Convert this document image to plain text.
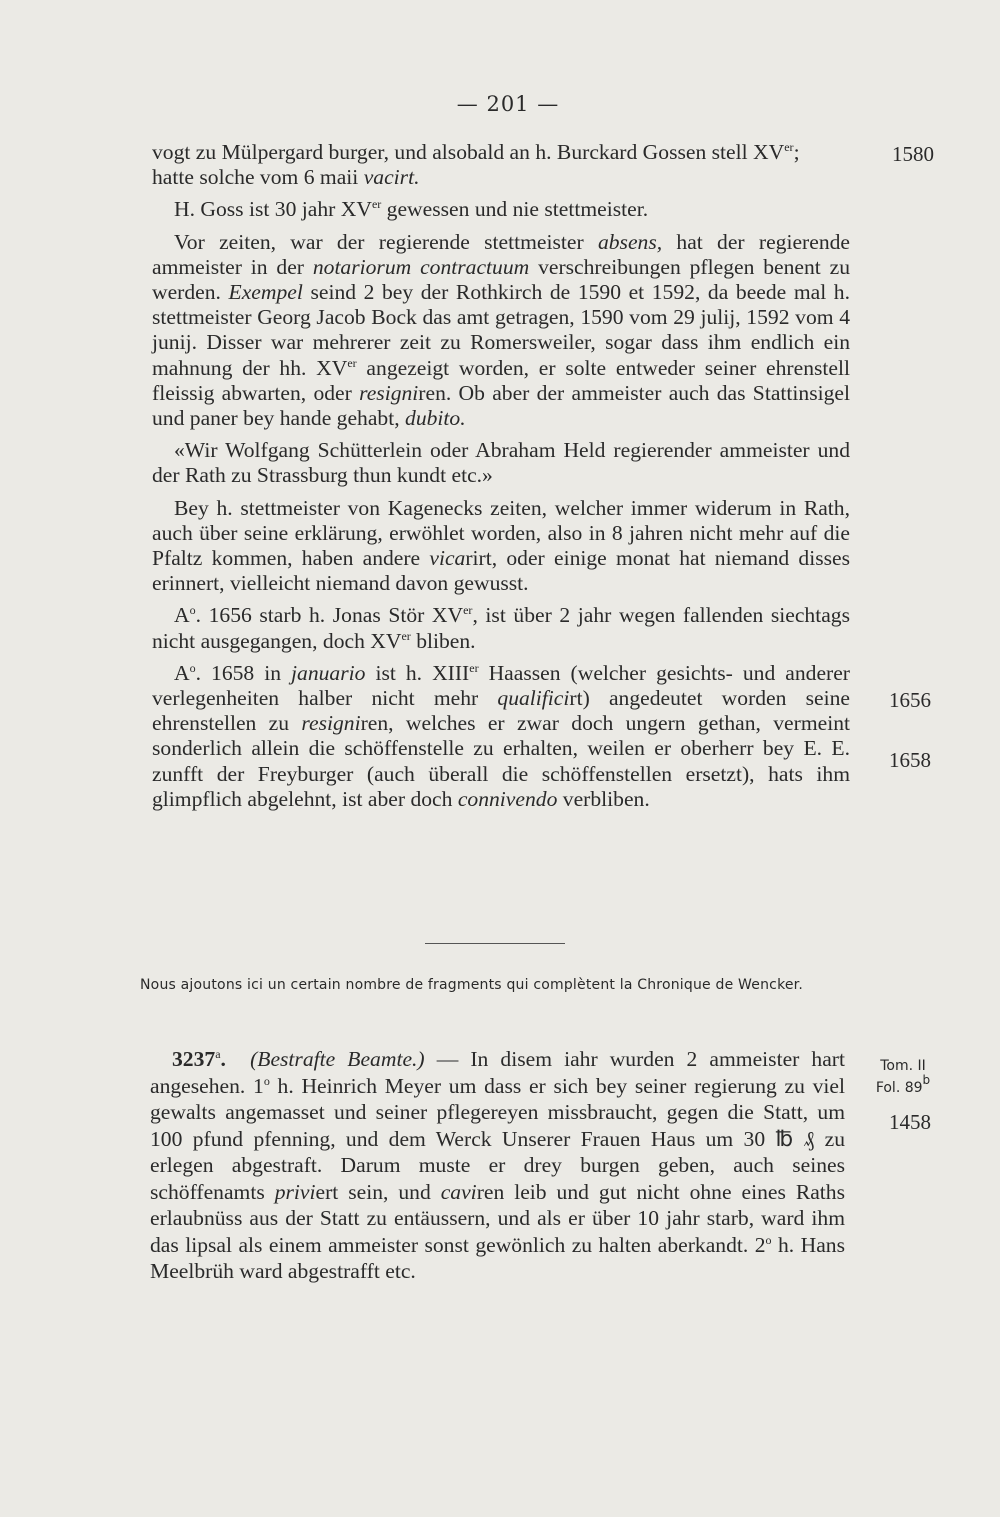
— 201 —

vogt zu Mülpergard burger, und alsobald an h. Burckard Gossen stell XVer;
hatte solche vom 6 maii vacirt.

H. Goss ist 30 jahr XVer gewessen und nie stettmeister.

Vor zeiten, war der regierende stettmeister absens, hat der regierende ammeister in der notariorum contractuum verschreibungen pflegen benent zu werden. Exempel seind 2 bey der Rothkirch de 1590 et 1592, da beede mal h. stettmeister Georg Jacob Bock das amt getragen, 1590 vom 29 julij, 1592 vom 4 junij. Disser war mehrerer zeit zu Romersweiler, sogar dass ihm endlich ein mahnung der hh. XVer angezeigt worden, er solte entweder seiner ehrenstell fleissig abwarten, oder resigniren. Ob aber der ammeister auch das Stattinsigel und paner bey hande gehabt, dubito.

«Wir Wolfgang Schütterlein oder Abraham Held regierender ammeister und der Rath zu Strassburg thun kundt etc.»

Bey h. stettmeister von Kagenecks zeiten, welcher immer widerum in Rath, auch über seine erklärung, erwöhlet worden, also in 8 jahren nicht mehr auf die Pfaltz kommen, haben andere vicarirt, oder einige monat hat niemand disses erinnert, vielleicht niemand davon gewusst.

$A^o$. 1656 starb h. Jonas Stör XVer, ist über 2 jahr wegen fallenden siechtags nicht ausgegangen, doch XVer bliben.

$A^o$. 1658 in januario ist h. XIIIer Haassen (welcher gesichts- und anderer verlegenheiten halber nicht mehr qualificirt) angedeutet worden seine ehrenstellen zu resigniren, welches er zwar doch ungern gethan, vermeint sonderlich allein die schöffenstelle zu erhalten, weilen er oberherr bey E. E. zunfft der Freyburger (auch überall die schöffenstellen ersetzt), hats ihm glimpflich abgelehnt, ist aber doch connivendo verbliben.

1580
1656
1658
Nous ajoutons ici un certain nombre de fragments qui complètent la Chronique de Wencker.

3237$^a$. (Bestrafte Beamte.) — In disem iahr wurden 2 ammeister hart angesehen. 1$^o$ h. Heinrich Meyer um dass er sich bey seiner regierung zu viel gewalts angemasset und seiner pflegereyen missbraucht, gegen die Statt, um 100 pfund pfenning, und dem Werck Unserer Frauen Haus um 30 ℔ ₰ zu erlegen abgestraft. Darum muste er drey burgen geben, auch seines schöffenamts priviert sein, und caviren leib und gut nicht ohne eines Raths erlaubnüss aus der Statt zu entäussern, und als er über 10 jahr starb, ward ihm das lipsal als einem ammeister sonst gewönlich zu halten aberkandt. 2$^o$ h. Hans Meelbrüh ward abgestrafft etc.

Tom. II
Fol. 89$^b$
1458
